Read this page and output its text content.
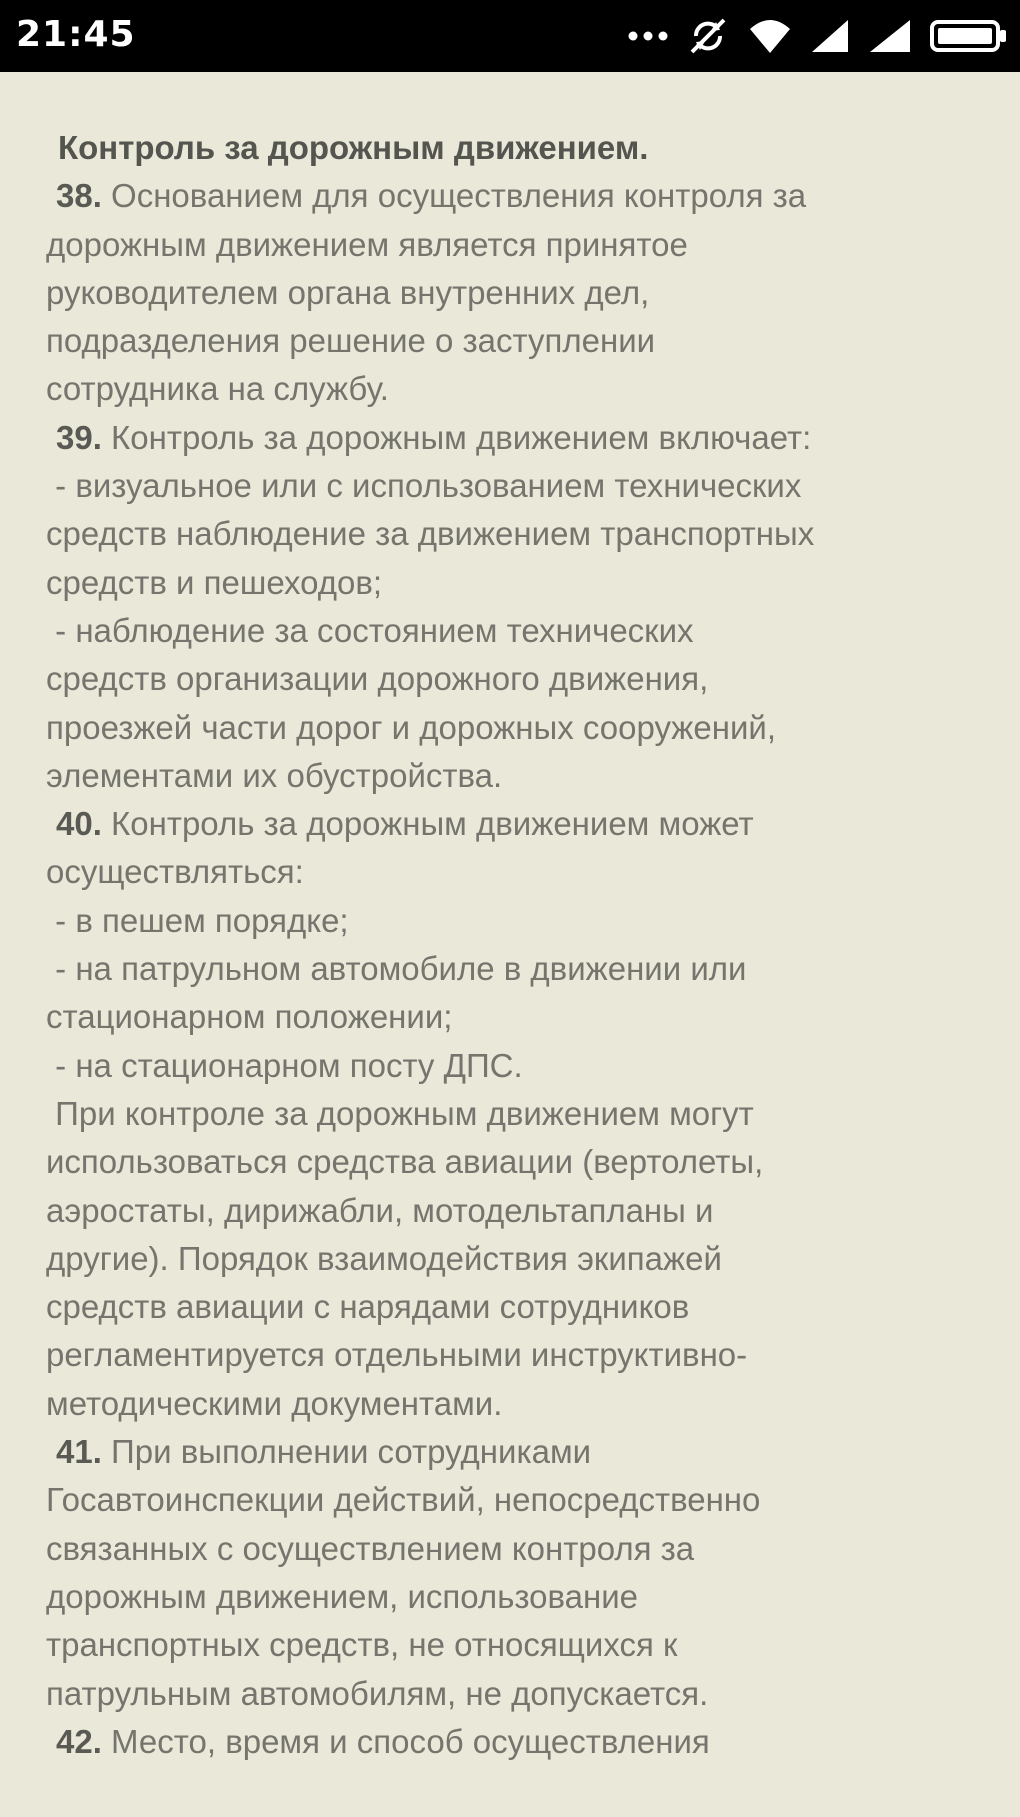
21:45
Контроль за дорожным движением.
38. Основанием для осуществления контроля за
дорожным движением является принятое
руководителем органа внутренних дел,
подразделения решение о заступлении
сотрудника на службу.
39. Контроль за дорожным движением включает:
- визуальное или с использованием технических
средств наблюдение за движением транспортных
средств и пешеходов;
- наблюдение за состоянием технических
средств организации дорожного движения,
проезжей части дорог и дорожных сооружений,
элементами их обустройства.
40. Контроль за дорожным движением может
осуществляться:
- в пешем порядке;
- на патрульном автомобиле в движении или
стационарном положении;
- на стационарном посту ДПС.
При контроле за дорожным движением могут
использоваться средства авиации (вертолеты,
аэростаты, дирижабли, мотодельтапланы и
другие). Порядок взаимодействия экипажей
средств авиации с нарядами сотрудников
регламентируется отдельными инструктивно-
методическими документами.
41. При выполнении сотрудниками
Госавтоинспекции действий, непосредственно
связанных с осуществлением контроля за
дорожным движением, использование
транспортных средств, не относящихся к
патрульным автомобилям, не допускается.
42. Место, время и способ осуществления
